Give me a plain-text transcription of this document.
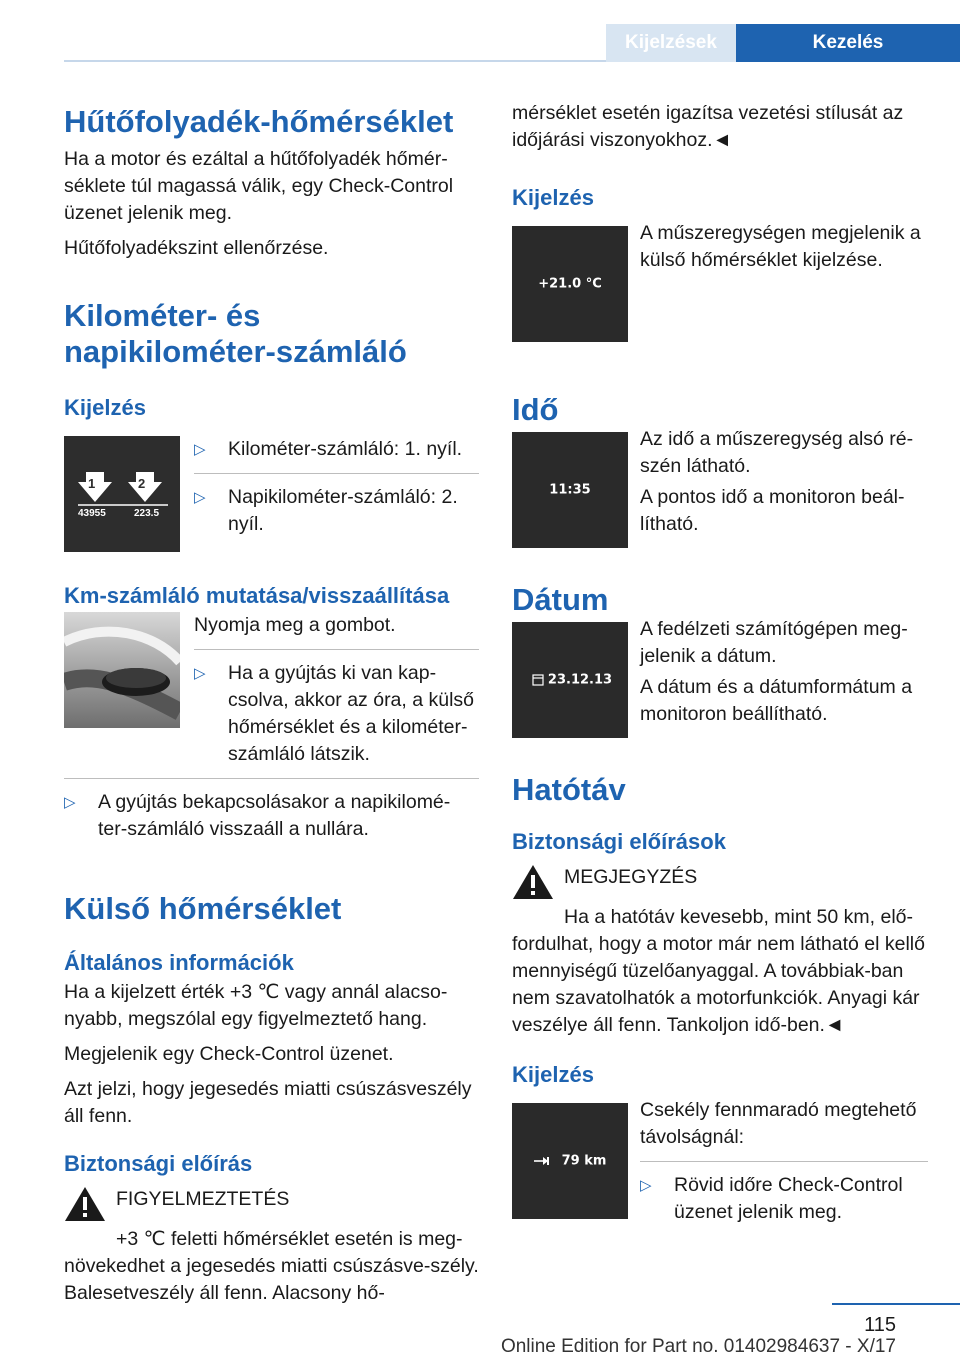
Kijelzések	Kezelés
Hűtőfolyadék-hőmérséklet
Ha a motor és ezáltal a hűtőfolyadék hőmér-séklete túl magassá válik, egy Check-Control üzenet jelenik meg.
Hűtőfolyadékszint ellenőrzése.
Kilométer- és napikilométer-számláló
Kijelzés
1	2
43955	223.5
▷	Kilométer-számláló: 1. nyíl.
▷	Napikilométer-számláló: 2. nyíl.
Km-számláló mutatása/visszaállítása
Nyomja meg a gombot.
▷	Ha a gyújtás ki van kap-csolva, akkor az óra, a külső hőmérséklet és a kilométer-számláló látszik.
▷	A gyújtás bekapcsolásakor a napikilomé-ter-számláló visszaáll a nullára.
Külső hőmérséklet
Általános információk
Ha a kijelzett érték +3 ℃ vagy annál alacso-nyabb, megszólal egy figyelmeztető hang.
Megjelenik egy Check-Control üzenet.
Azt jelzi, hogy jegesedés miatti csúszásveszély áll fenn.
Biztonsági előírás
FIGYELMEZTETÉS
+3 ℃ feletti hőmérséklet esetén is meg-növekedhet a jegesedés miatti csúszásve-szély. Balesetveszély áll fenn. Alacsony hő-
mérséklet esetén igazítsa vezetési stílusát az időjárási viszonyokhoz.◄
Kijelzés
+21.0 °C
A műszeregységen megjelenik a külső hőmérséklet kijelzése.
Idő
11:35
Az idő a műszeregység alsó ré-szén látható.
A pontos idő a monitoron beál-lítható.
Dátum
23.12.13
A fedélzeti számítógépen meg-jelenik a dátum.
A dátum és a dátumformátum a monitoron beállítható.
Hatótáv
Biztonsági előírások
MEGJEGYZÉS
Ha a hatótáv kevesebb, mint 50 km, elő-fordulhat, hogy a motor már nem látható el kellő mennyiségű tüzelőanyaggal. A továbbiak-ban nem szavatolhatók a motorfunkciók. Anyagi kár veszélye áll fenn. Tankoljon idő-ben.◄
Kijelzés
79 km
Csekély fennmaradó megtehető távolságnál:
▷	Rövid időre Check-Control üzenet jelenik meg.
115
Online Edition for Part no. 01402984637 - X/17
